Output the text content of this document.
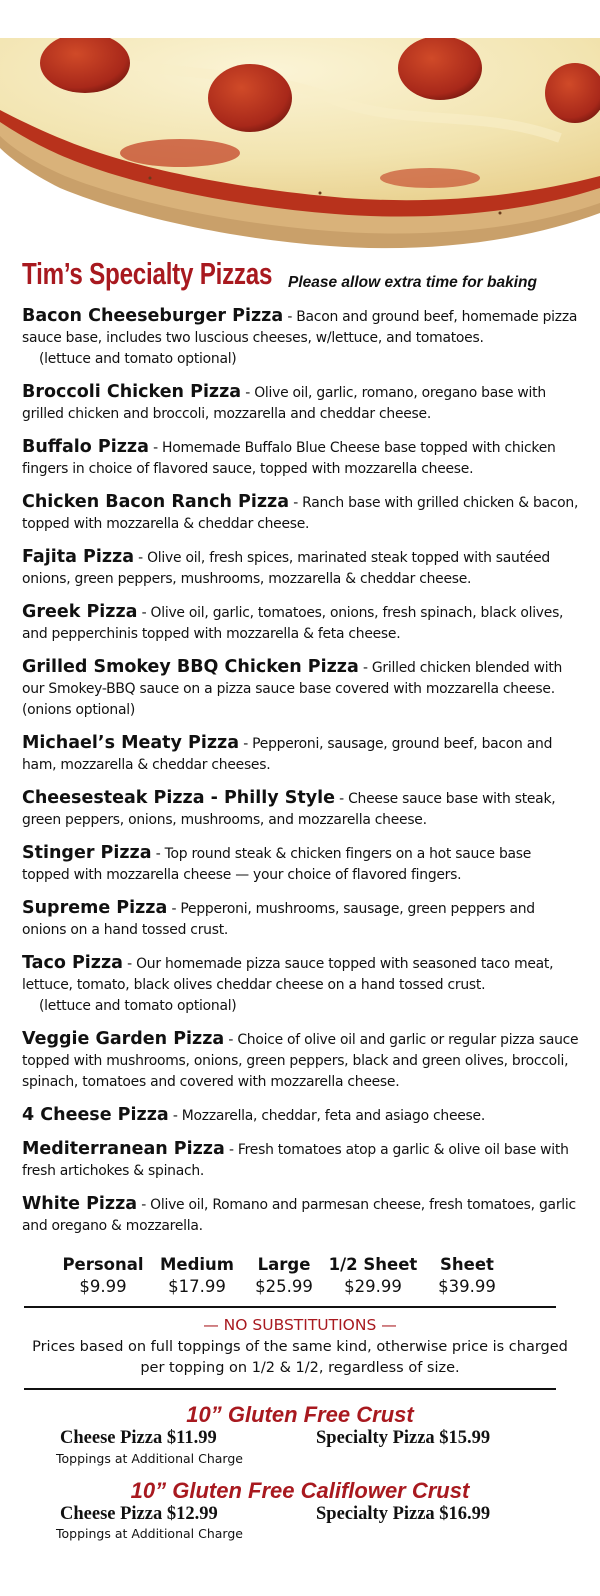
Tim’s Specialty Pizzas Please allow extra time for baking

Bacon Cheeseburger Pizza - Bacon and ground beef, homemade pizza sauce base, includes two luscious cheeses, w/lettuce, and tomatoes.
(lettuce and tomato optional)

Broccoli Chicken Pizza - Olive oil, garlic, romano, oregano base with grilled chicken and broccoli, mozzarella and cheddar cheese.

Buffalo Pizza - Homemade Buffalo Blue Cheese base topped with chicken fingers in choice of flavored sauce, topped with mozzarella cheese.

Chicken Bacon Ranch Pizza - Ranch base with grilled chicken & bacon, topped with mozzarella & cheddar cheese.

Fajita Pizza - Olive oil, fresh spices, marinated steak topped with sautéed onions, green peppers, mushrooms, mozzarella & cheddar cheese.

Greek Pizza - Olive oil, garlic, tomatoes, onions, fresh spinach, black olives, and pepperchinis topped with mozzarella & feta cheese.

Grilled Smokey BBQ Chicken Pizza - Grilled chicken blended with our Smokey-BBQ sauce on a pizza sauce base covered with mozzarella cheese. (onions optional)

Michael’s Meaty Pizza - Pepperoni, sausage, ground beef, bacon and ham, mozzarella & cheddar cheeses.

Cheesesteak Pizza - Philly Style - Cheese sauce base with steak, green peppers, onions, mushrooms, and mozzarella cheese.

Stinger Pizza - Top round steak & chicken fingers on a hot sauce base topped with mozzarella cheese — your choice of flavored fingers.

Supreme Pizza - Pepperoni, mushrooms, sausage, green peppers and onions on a hand tossed crust.

Taco Pizza - Our homemade pizza sauce topped with seasoned taco meat, lettuce, tomato, black olives cheddar cheese on a hand tossed crust.
(lettuce and tomato optional)

Veggie Garden Pizza - Choice of olive oil and garlic or regular pizza sauce topped with mushrooms, onions, green peppers, black and green olives, broccoli, spinach, tomatoes and covered with mozzarella cheese.

4 Cheese Pizza - Mozzarella, cheddar, feta and asiago cheese.

Mediterranean Pizza - Fresh tomatoes atop a garlic & olive oil base with fresh artichokes & spinach.

White Pizza - Olive oil, Romano and parmesan cheese, fresh tomatoes, garlic and oregano & mozzarella.

Personal
$9.99
Medium
$17.99
Large
$25.99
1/2 Sheet
$29.99
Sheet
$39.99
— NO SUBSTITUTIONS —
Prices based on full toppings of the same kind, otherwise price is charged per topping on 1/2 & 1/2, regardless of size.
10” Gluten Free Crust
Cheese Pizza $11.99	Specialty Pizza $15.99
Toppings at Additional Charge
10” Gluten Free Califlower Crust
Cheese Pizza $12.99	Specialty Pizza $16.99
Toppings at Additional Charge
